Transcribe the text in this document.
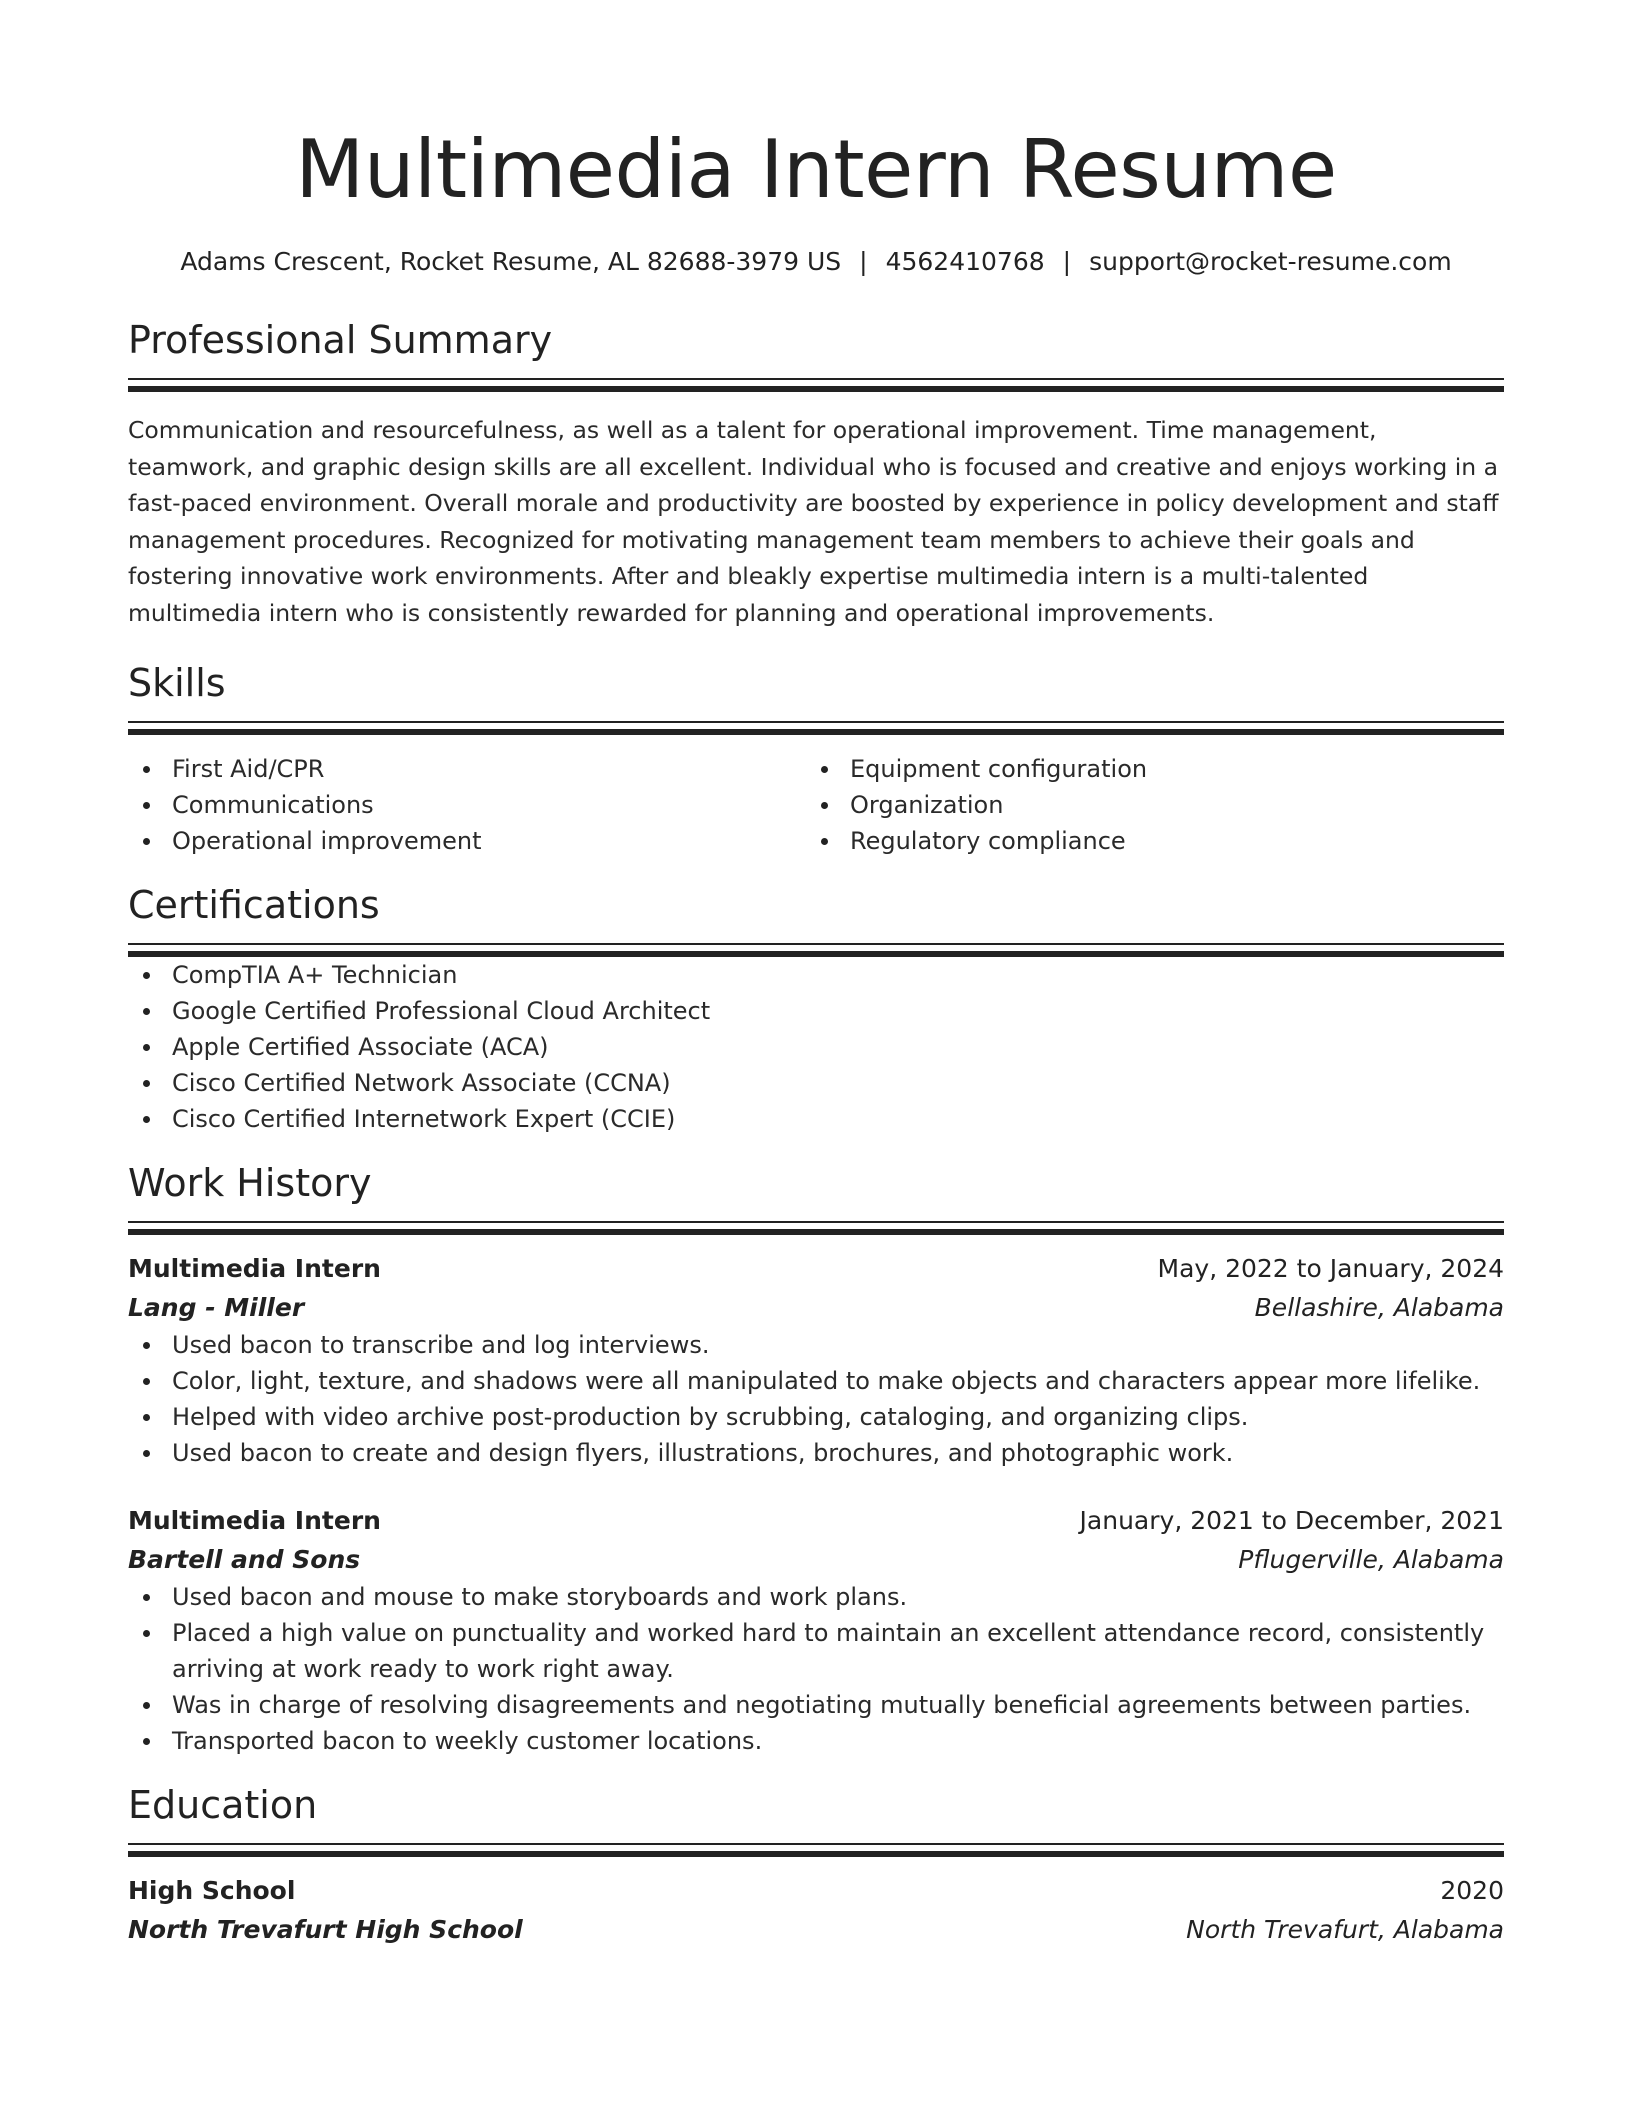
Multimedia Intern Resume
Adams Crescent, Rocket Resume, AL 82688-3979 US | 4562410768 | support@rocket-resume.com
Professional Summary

Communication and resourcefulness, as well as a talent for operational improvement. Time management, teamwork, and graphic design skills are all excellent. Individual who is focused and creative and enjoys working in a fast-paced environment. Overall morale and productivity are boosted by experience in policy development and staff management procedures. Recognized for motivating management team members to achieve their goals and fostering innovative work environments. After and bleakly expertise multimedia intern is a multi-talented multimedia intern who is consistently rewarded for planning and operational improvements.

Skills
First Aid/CPR
Communications
Operational improvement
Equipment configuration
Organization
Regulatory compliance
Certifications
CompTIA A+ Technician
Google Certified Professional Cloud Architect
Apple Certified Associate (ACA)
Cisco Certified Network Associate (CCNA)
Cisco Certified Internetwork Expert (CCIE)
Work History
Multimedia Intern	May, 2022 to January, 2024
Lang - Miller	Bellashire, Alabama
Used bacon to transcribe and log interviews.
Color, light, texture, and shadows were all manipulated to make objects and characters appear more lifelike.
Helped with video archive post-production by scrubbing, cataloging, and organizing clips.
Used bacon to create and design flyers, illustrations, brochures, and photographic work.
Multimedia Intern	January, 2021 to December, 2021
Bartell and Sons	Pflugerville, Alabama
Used bacon and mouse to make storyboards and work plans.
Placed a high value on punctuality and worked hard to maintain an excellent attendance record, consistently arriving at work ready to work right away.
Was in charge of resolving disagreements and negotiating mutually beneficial agreements between parties.
Transported bacon to weekly customer locations.
Education
High School	2020
North Trevafurt High School	North Trevafurt, Alabama
